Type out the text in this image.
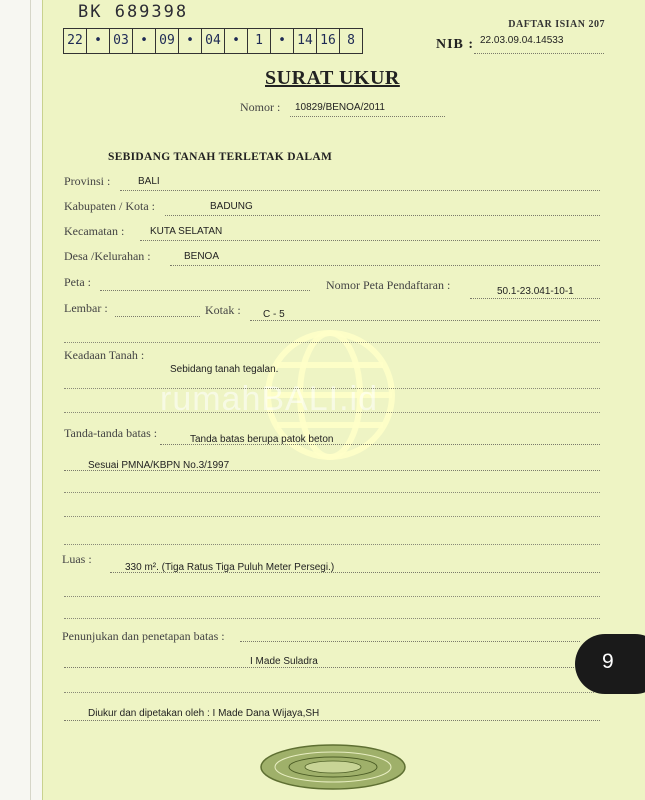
rumahBALI.id
BK 689398
22 • 03 • 09 • 04 •	1	• 14 16 8
DAFTAR ISIAN 207
NIB : 22.03.09.04.14533
SURAT UKUR
Nomor : 10829/BENOA/2011
SEBIDANG TANAH TERLETAK DALAM
Provinsi :	BALI
Kabupaten / Kota :	BADUNG
Kecamatan :	KUTA SELATAN
Desa /Kelurahan :	BENOA
Peta :	Nomor Peta Pendaftaran :	50.1-23.041-10-1
Lembar :	Kotak : C - 5
Keadaan Tanah :
Sebidang tanah tegalan.
Tanda-tanda batas :	Tanda batas berupa patok beton
Sesuai PMNA/KBPN No.3/1997
Luas :
330 m². (Tiga Ratus Tiga Puluh Meter Persegi.)
Penunjukan dan penetapan batas :
I Made Suladra
Diukur dan dipetakan oleh : I Made Dana Wijaya,SH
9
